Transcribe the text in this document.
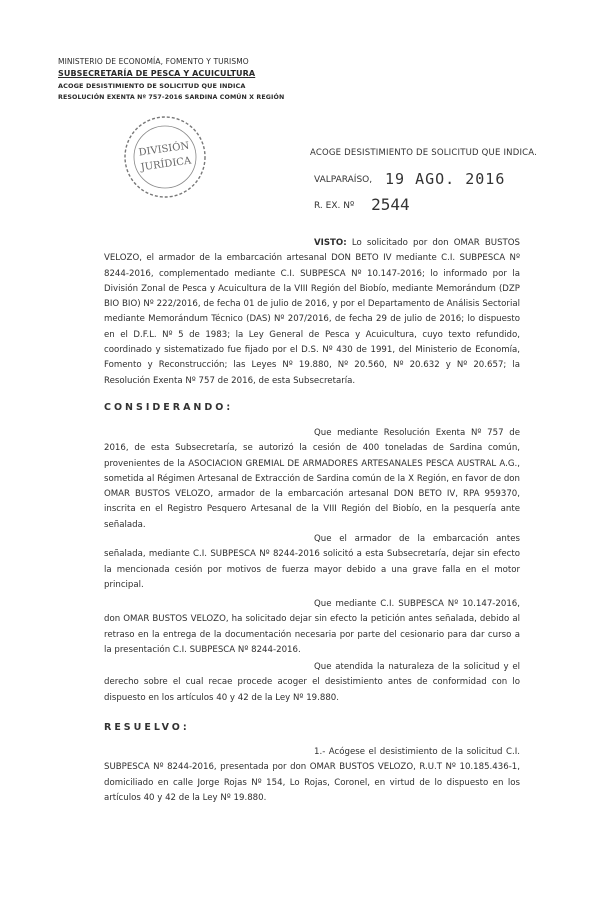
MINISTERIO DE ECONOMÍA, FOMENTO Y TURISMO
SUBSECRETARÍA DE PESCA Y ACUICULTURA
ACOGE DESISTIMIENTO DE SOLICITUD QUE INDICA
RESOLUCIÓN EXENTA Nº 757-2016 SARDINA COMÚN X REGIÓN
DIVISIÓN
JURÍDICA
ACOGE DESISTIMIENTO DE SOLICITUD QUE INDICA.
VALPARAÍSO, 19 AGO. 2016
R. EX. Nº 2544
VISTO: Lo solicitado por don OMAR BUSTOS VELOZO, el armador de la embarcación artesanal DON BETO IV mediante C.I. SUBPESCA Nº 8244-2016, complementado mediante C.I. SUBPESCA Nº 10.147-2016; lo informado por la División Zonal de Pesca y Acuicultura de la VIII Región del Biobío, mediante Memorándum (DZP BIO BIO) Nº 222/2016, de fecha 01 de julio de 2016, y por el Departamento de Análisis Sectorial mediante Memorándum Técnico (DAS) Nº 207/2016, de fecha 29 de julio de 2016; lo dispuesto en el D.F.L. Nº 5 de 1983; la Ley General de Pesca y Acuicultura, cuyo texto refundido, coordinado y sistematizado fue fijado por el D.S. Nº 430 de 1991, del Ministerio de Economía, Fomento y Reconstrucción; las Leyes Nº 19.880, Nº 20.560, Nº 20.632 y Nº 20.657; la Resolución Exenta Nº 757 de 2016, de esta Subsecretaría.
CONSIDERANDO:
Que mediante Resolución Exenta Nº 757 de 2016, de esta Subsecretaría, se autorizó la cesión de 400 toneladas de Sardina común, provenientes de la ASOCIACION GREMIAL DE ARMADORES ARTESANALES PESCA AUSTRAL A.G., sometida al Régimen Artesanal de Extracción de Sardina común de la X Región, en favor de don OMAR BUSTOS VELOZO, armador de la embarcación artesanal DON BETO IV, RPA 959370, inscrita en el Registro Pesquero Artesanal de la VIII Región del Biobío, en la pesquería ante señalada.
Que el armador de la embarcación antes señalada, mediante C.I. SUBPESCA Nº 8244-2016 solicitó a esta Subsecretaría, dejar sin efecto la mencionada cesión por motivos de fuerza mayor debido a una grave falla en el motor principal.
Que mediante C.I. SUBPESCA Nº 10.147-2016, don OMAR BUSTOS VELOZO, ha solicitado dejar sin efecto la petición antes señalada, debido al retraso en la entrega de la documentación necesaria por parte del cesionario para dar curso a la presentación C.I. SUBPESCA Nº 8244-2016.
Que atendida la naturaleza de la solicitud y el derecho sobre el cual recae procede acoger el desistimiento antes de conformidad con lo dispuesto en los artículos 40 y 42 de la Ley Nº 19.880.
RESUELVO:
1.- Acógese el desistimiento de la solicitud C.I. SUBPESCA Nº 8244-2016, presentada por don OMAR BUSTOS VELOZO, R.U.T Nº 10.185.436-1, domiciliado en calle Jorge Rojas Nº 154, Lo Rojas, Coronel, en virtud de lo dispuesto en los artículos 40 y 42 de la Ley Nº 19.880.
